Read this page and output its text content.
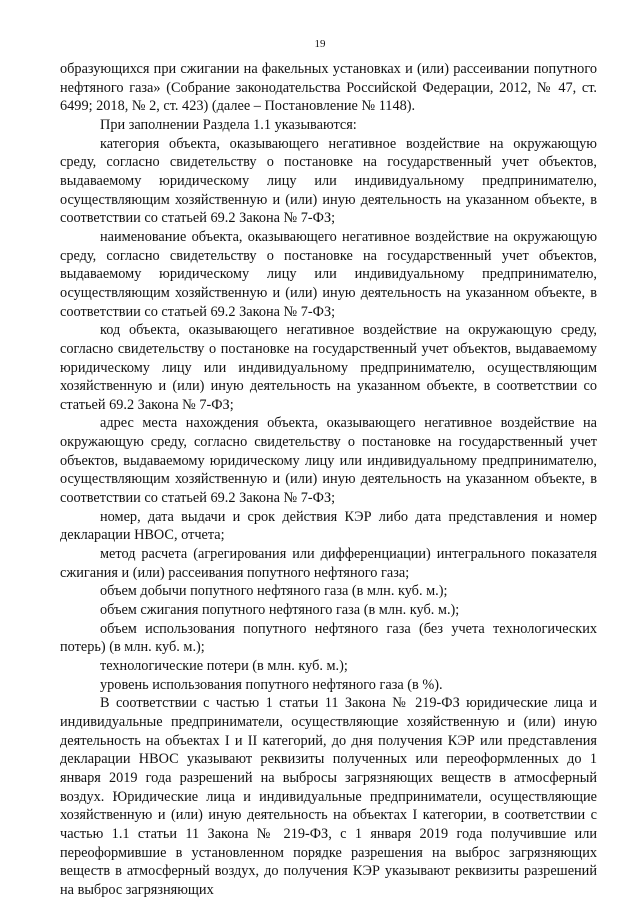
19

образующихся при сжигании на факельных установках и (или) рассеивании попутного нефтяного газа» (Собрание законодательства Российской Федерации, 2012, № 47, ст. 6499; 2018, № 2, ст. 423) (далее – Постановление № 1148).

При заполнении Раздела 1.1 указываются:

категория объекта, оказывающего негативное воздействие на окружающую среду, согласно свидетельству о постановке на государственный учет объектов, выдаваемому юридическому лицу или индивидуальному предпринимателю, осуществляющим хозяйственную и (или) иную деятельность на указанном объекте, в соответствии со статьей 69.2 Закона № 7-ФЗ;

наименование объекта, оказывающего негативное воздействие на окружающую среду, согласно свидетельству о постановке на государственный учет объектов, выдаваемому юридическому лицу или индивидуальному предпринимателю, осуществляющим хозяйственную и (или) иную деятельность на указанном объекте, в соответствии со статьей 69.2 Закона № 7-ФЗ;

код объекта, оказывающего негативное воздействие на окружающую среду, согласно свидетельству о постановке на государственный учет объектов, выдаваемому юридическому лицу или индивидуальному предпринимателю, осуществляющим хозяйственную и (или) иную деятельность на указанном объекте, в соответствии со статьей 69.2 Закона № 7-ФЗ;

адрес места нахождения объекта, оказывающего негативное воздействие на окружающую среду, согласно свидетельству о постановке на государственный учет объектов, выдаваемому юридическому лицу или индивидуальному предпринимателю, осуществляющим хозяйственную и (или) иную деятельность на указанном объекте, в соответствии со статьей 69.2 Закона № 7-ФЗ;

номер, дата выдачи и срок действия КЭР либо дата представления и номер декларации НВОС, отчета;

метод расчета (агрегирования или дифференциации) интегрального показателя сжигания и (или) рассеивания попутного нефтяного газа;

объем добычи попутного нефтяного газа (в млн. куб. м.);

объем сжигания попутного нефтяного газа (в млн. куб. м.);

объем использования попутного нефтяного газа (без учета технологических потерь) (в млн. куб. м.);

технологические потери (в млн. куб. м.);

уровень использования попутного нефтяного газа (в %).

В соответствии с частью 1 статьи 11 Закона № 219-ФЗ юридические лица и индивидуальные предприниматели, осуществляющие хозяйственную и (или) иную деятельность на объектах I и II категорий, до дня получения КЭР или представления декларации НВОС указывают реквизиты полученных или переоформленных до 1 января 2019 года разрешений на выбросы загрязняющих веществ в атмосферный воздух. Юридические лица и индивидуальные предприниматели, осуществляющие хозяйственную и (или) иную деятельность на объектах I категории, в соответствии с частью 1.1 статьи 11 Закона № 219-ФЗ, с 1 января 2019 года получившие или переоформившие в установленном порядке разрешения на выброс загрязняющих веществ в атмосферный воздух, до получения КЭР указывают реквизиты разрешений на выброс загрязняющих
